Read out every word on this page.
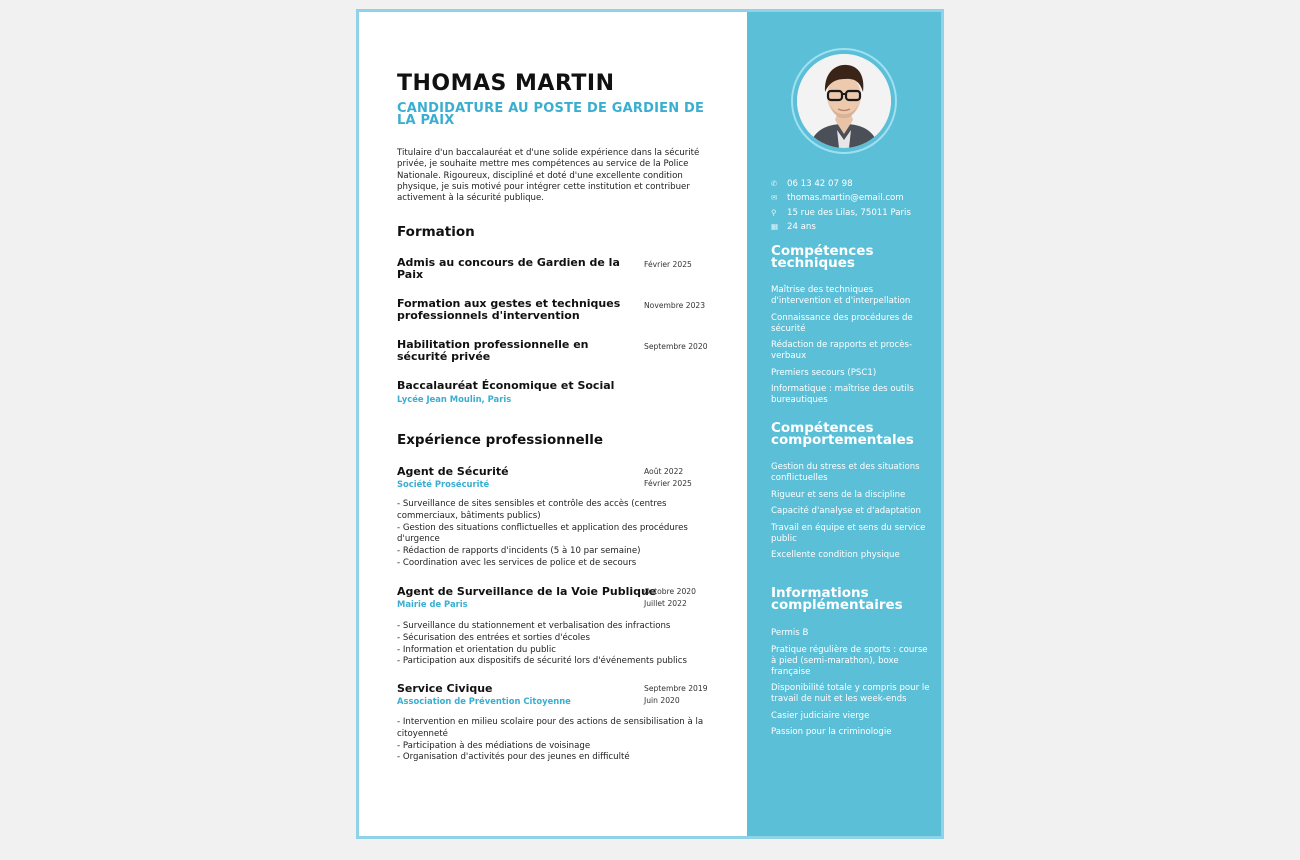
THOMAS MARTIN
CANDIDATURE AU POSTE DE GARDIEN DE LA PAIX

Titulaire d'un baccalauréat et d'une solide expérience dans la sécurité privée, je souhaite mettre mes compétences au service de la Police Nationale. Rigoureux, discipliné et doté d'une excellente condition physique, je suis motivé pour intégrer cette institution et contribuer activement à la sécurité publique.

Formation
Admis au concours de Gardien de la Paix
Février 2025
Formation aux gestes et techniques professionnels d'intervention
Novembre 2023
Habilitation professionnelle en sécurité privée
Septembre 2020
Baccalauréat Économique et Social
Lycée Jean Moulin, Paris
Expérience professionnelle
Agent de Sécurité
Société Prosécurité
Août 2022
Février 2025
- Surveillance de sites sensibles et contrôle des accès (centres commerciaux, bâtiments publics)
- Gestion des situations conflictuelles et application des procédures d'urgence
- Rédaction de rapports d'incidents (5 à 10 par semaine)
- Coordination avec les services de police et de secours
Agent de Surveillance de la Voie Publique
Mairie de Paris
Octobre 2020
Juillet 2022
- Surveillance du stationnement et verbalisation des infractions
- Sécurisation des entrées et sorties d'écoles
- Information et orientation du public
- Participation aux dispositifs de sécurité lors d'événements publics
Service Civique
Association de Prévention Citoyenne
Septembre 2019
Juin 2020
- Intervention en milieu scolaire pour des actions de sensibilisation à la citoyenneté
- Participation à des médiations de voisinage
- Organisation d'activités pour des jeunes en difficulté
✆ 06 13 42 07 98
✉ thomas.martin@email.com
⚲ 15 rue des Lilas, 75011 Paris
▦ 24 ans
Compétences techniques
Maîtrise des techniques d'intervention et d'interpellation
Connaissance des procédures de sécurité
Rédaction de rapports et procès-verbaux
Premiers secours (PSC1)
Informatique : maîtrise des outils bureautiques
Compétences comportementales
Gestion du stress et des situations conflictuelles
Rigueur et sens de la discipline
Capacité d'analyse et d'adaptation
Travail en équipe et sens du service public
Excellente condition physique
Informations complémentaires
Permis B
Pratique régulière de sports : course à pied (semi-marathon), boxe française
Disponibilité totale y compris pour le travail de nuit et les week-ends
Casier judiciaire vierge
Passion pour la criminologie
